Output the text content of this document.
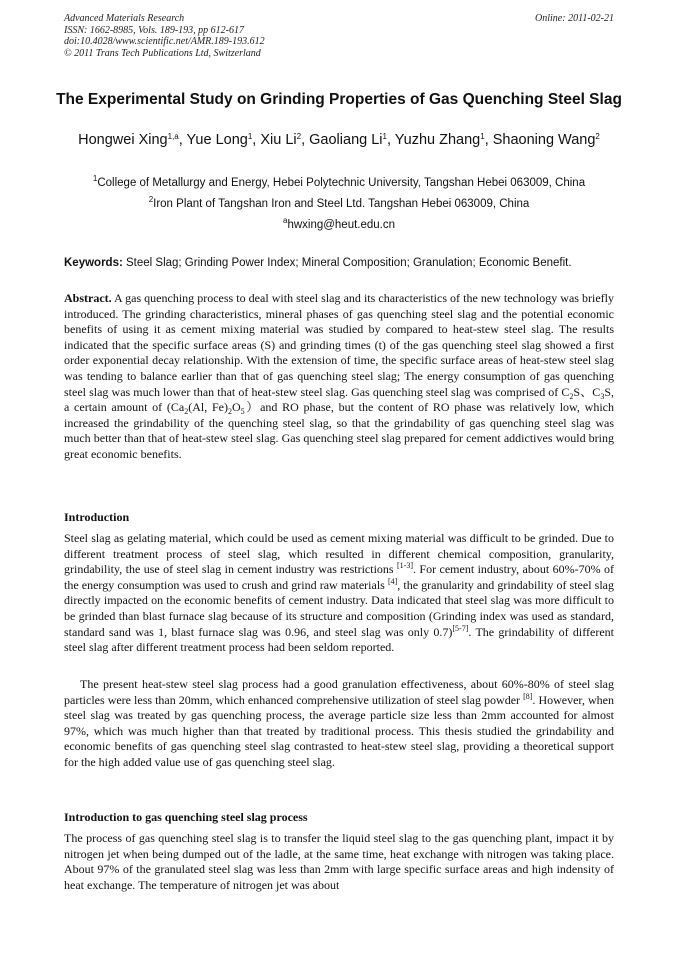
Advanced Materials Research
ISSN: 1662-8985, Vols. 189-193, pp 612-617
doi:10.4028/www.scientific.net/AMR.189-193.612
© 2011 Trans Tech Publications Ltd, Switzerland
Online: 2011-02-21
The Experimental Study on Grinding Properties of Gas Quenching Steel Slag
Hongwei Xing$^{1,a}$, Yue Long$^1$, Xiu Li$^2$, Gaoliang Li$^1$, Yuzhu Zhang$^1$, Shaoning Wang$^2$
$^1$College of Metallurgy and Energy, Hebei Polytechnic University, Tangshan Hebei 063009, China
$^2$Iron Plant of Tangshan Iron and Steel Ltd. Tangshan Hebei 063009, China
$^a$hwxing@heut.edu.cn
Keywords: Steel Slag; Grinding Power Index; Mineral Composition; Granulation; Economic Benefit.
Abstract. A gas quenching process to deal with steel slag and its characteristics of the new technology was briefly introduced. The grinding characteristics, mineral phases of gas quenching steel slag and the potential economic benefits of using it as cement mixing material was studied by compared to heat-stew steel slag. The results indicated that the specific surface areas (S) and grinding times (t) of the gas quenching steel slag showed a first order exponential decay relationship. With the extension of time, the specific surface areas of heat-stew steel slag was tending to balance earlier than that of gas quenching steel slag; The energy consumption of gas quenching steel slag was much lower than that of heat-stew steel slag. Gas quenching steel slag was comprised of $C_2S$、$C_3S$, a certain amount of ($Ca_2(Al$, $Fe)_2O_5)and$ RO phase, but the content of RO phase was relatively low, which increased the grindability of the quenching steel slag, so that the grindability of gas quenching steel slag was much better than that of heat-stew steel slag. Gas quenching steel slag prepared for cement addictives would bring great economic benefits.
Introduction
Steel slag as gelating material, which could be used as cement mixing material was difficult to be grinded. Due to different treatment process of steel slag, which resulted in different chemical composition, granularity, grindability, the use of steel slag in cement industry was restrictions [1-3]. For cement industry, about 60%-70% of the energy consumption was used to crush and grind raw materials [4], the granularity and grindability of steel slag directly impacted on the economic benefits of cement industry. Data indicated that steel slag was more difficult to be grinded than blast furnace slag because of its structure and composition (Grinding index was used as standard, standard sand was 1, blast furnace slag was 0.96, and steel slag was only 0.7)[5-7]. The grindability of different steel slag after different treatment process had been seldom reported.
The present heat-stew steel slag process had a good granulation effectiveness, about 60%-80% of steel slag particles were less than 20mm, which enhanced comprehensive utilization of steel slag powder [8]. However, when steel slag was treated by gas quenching process, the average particle size less than 2mm accounted for almost 97%, which was much higher than that treated by traditional process. This thesis studied the grindability and economic benefits of gas quenching steel slag contrasted to heat-stew steel slag, providing a theoretical support for the high added value use of gas quenching steel slag.
Introduction to gas quenching steel slag process
The process of gas quenching steel slag is to transfer the liquid steel slag to the gas quenching plant, impact it by nitrogen jet when being dumped out of the ladle, at the same time, heat exchange with nitrogen was taking place. About 97% of the granulated steel slag was less than 2mm with large specific surface areas and high indensity of heat exchange. The temperature of nitrogen jet was about
